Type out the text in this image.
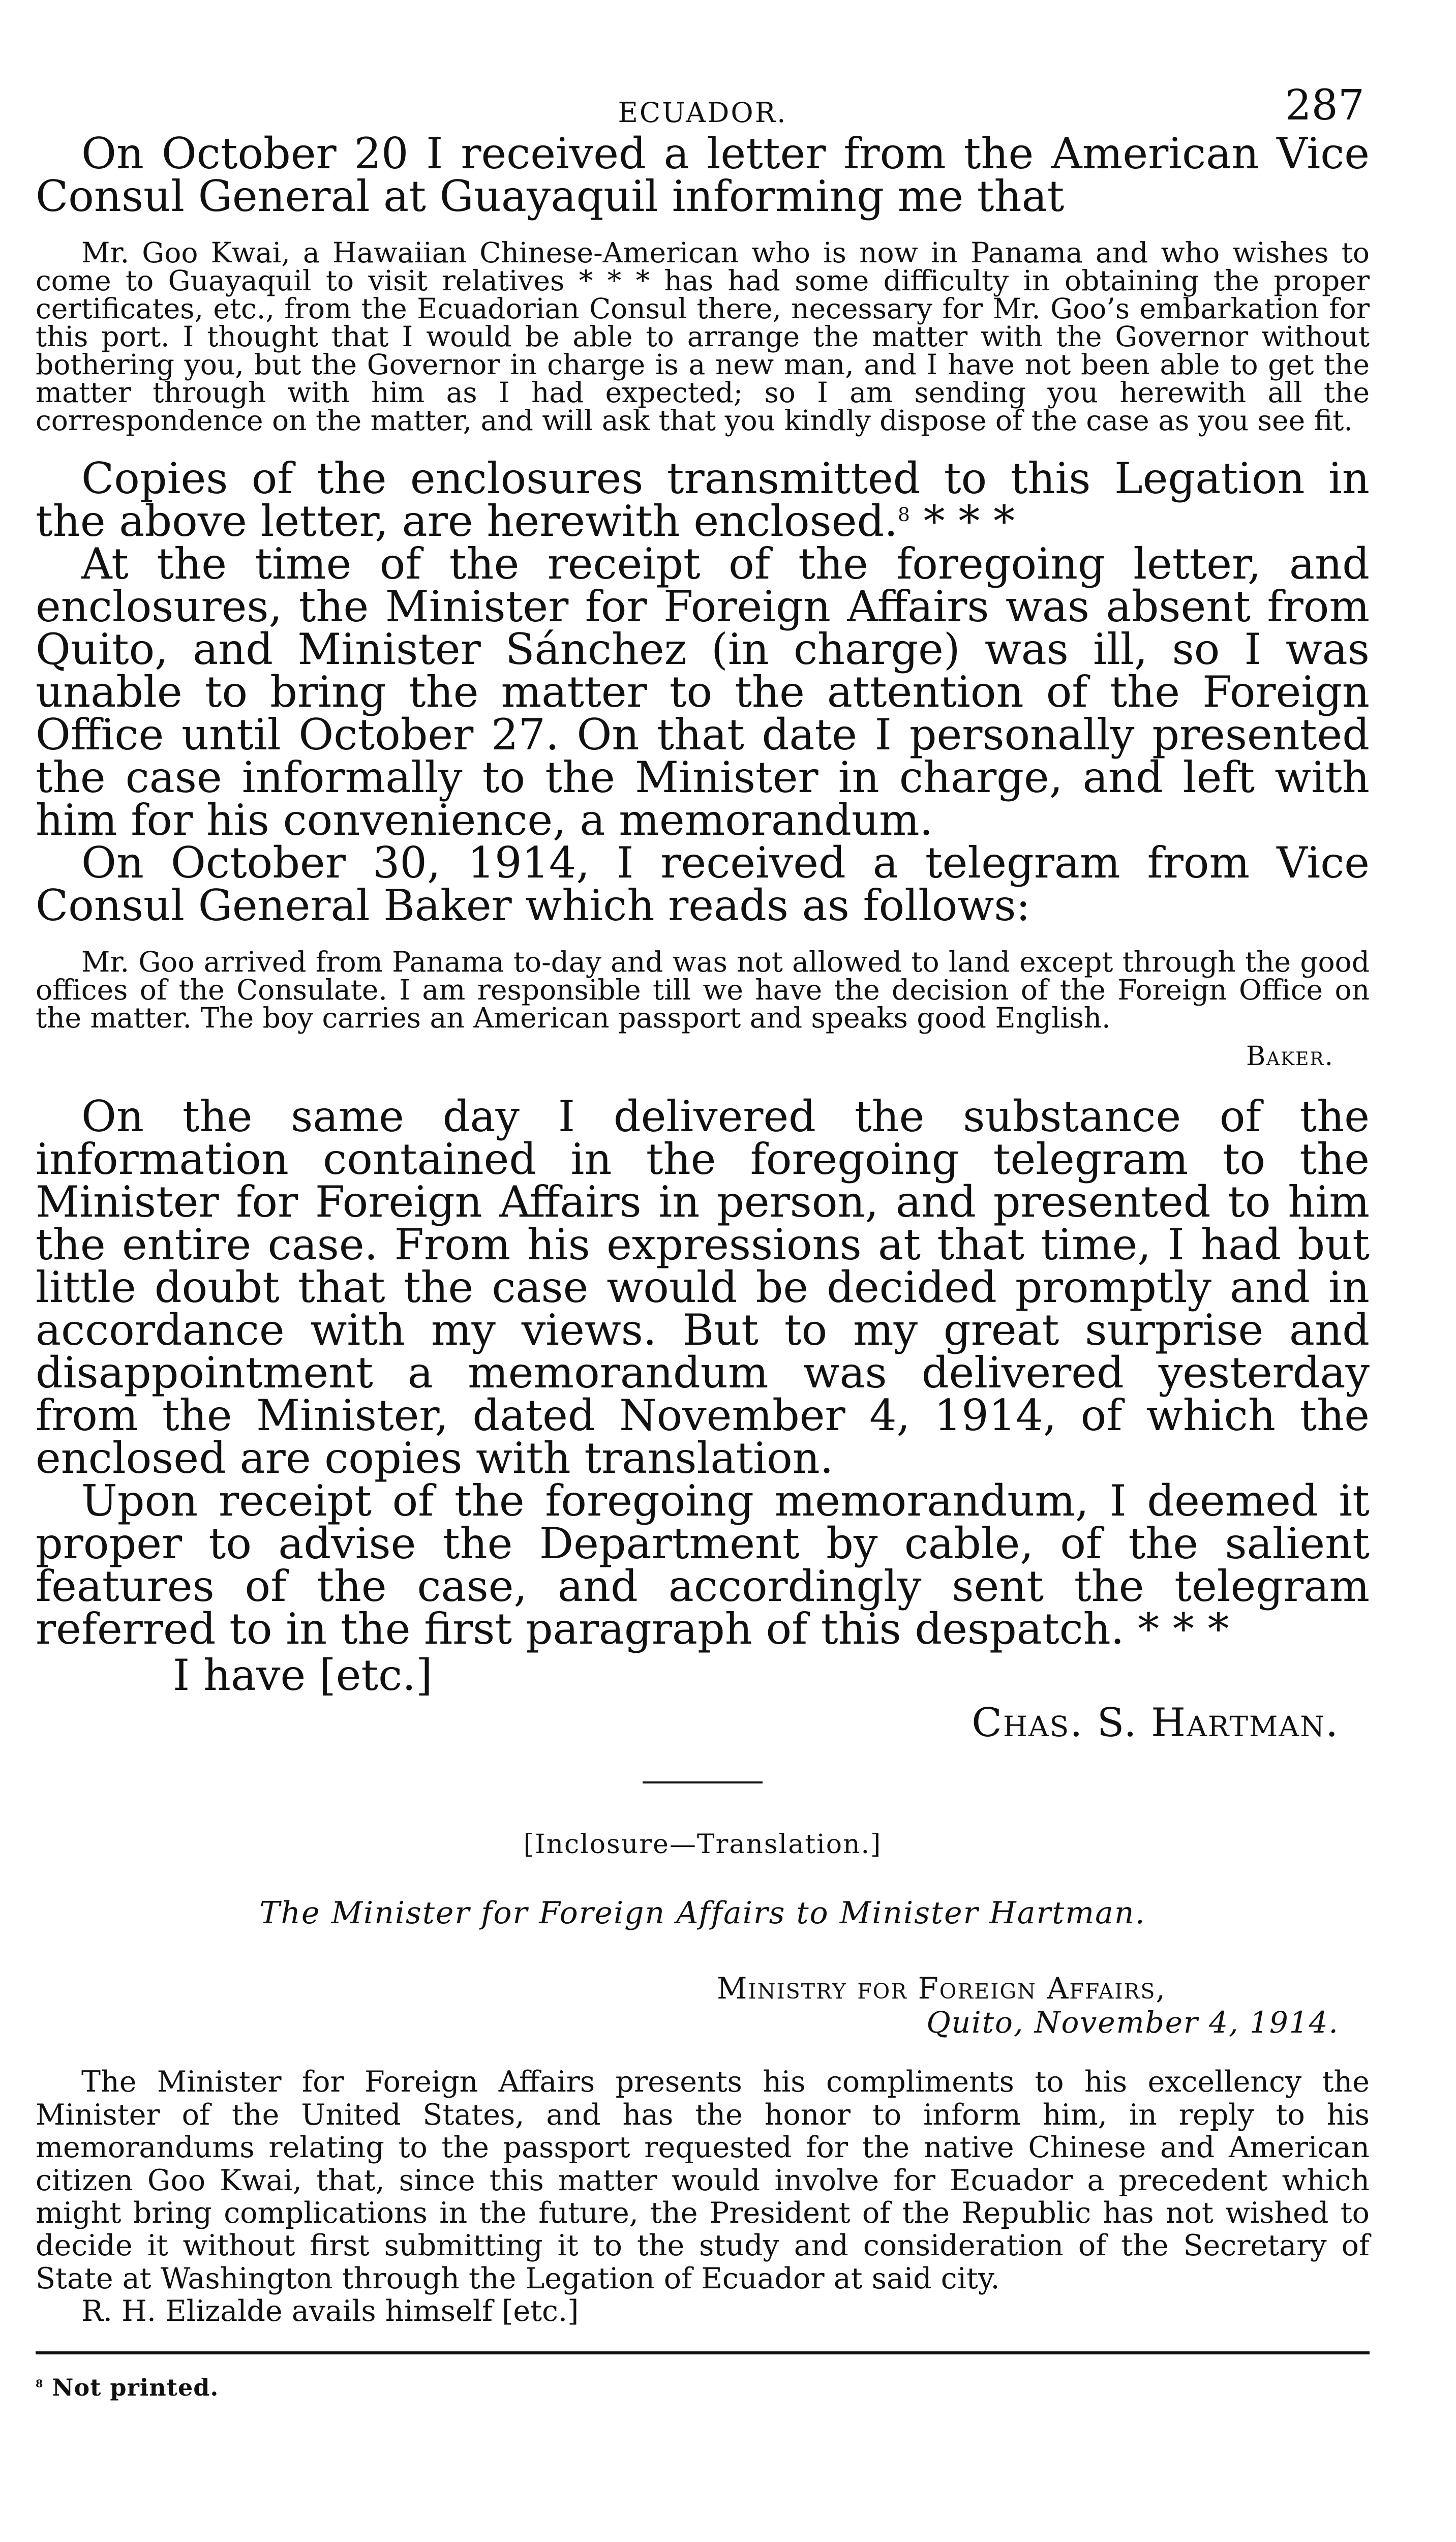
ECUADOR.	287

On October 20 I received a letter from the American Vice Consul General at Guayaquil informing me that

Mr. Goo Kwai, a Hawaiian Chinese-American who is now in Panama and who wishes to come to Guayaquil to visit relatives * * * has had some difficulty in obtaining the proper certificates, etc., from the Ecuadorian Consul there, necessary for Mr. Goo’s embarkation for this port. I thought that I would be able to arrange the matter with the Governor without bothering you, but the Governor in charge is a new man, and I have not been able to get the matter through with him as I had expected; so I am sending you herewith all the correspondence on the matter, and will ask that you kindly dispose of the case as you see fit.

Copies of the enclosures transmitted to this Legation in the above letter, are herewith enclosed.$^8$ * * *

At the time of the receipt of the foregoing letter, and enclosures, the Minister for Foreign Affairs was absent from Quito, and Minister Sánchez (in charge) was ill, so I was unable to bring the matter to the attention of the Foreign Office until October 27. On that date I personally presented the case informally to the Minister in charge, and left with him for his convenience, a memorandum.

On October 30, 1914, I received a telegram from Vice Consul General Baker which reads as follows:

Mr. Goo arrived from Panama to-day and was not allowed to land except through the good offices of the Consulate. I am responsible till we have the decision of the Foreign Office on the matter. The boy carries an American passport and speaks good English.

Baker.

On the same day I delivered the substance of the information contained in the foregoing telegram to the Minister for Foreign Affairs in person, and presented to him the entire case. From his expressions at that time, I had but little doubt that the case would be decided promptly and in accordance with my views. But to my great surprise and disappointment a memorandum was delivered yesterday from the Minister, dated November 4, 1914, of which the enclosed are copies with translation.

Upon receipt of the foregoing memorandum, I deemed it proper to advise the Department by cable, of the salient features of the case, and accordingly sent the telegram referred to in the first paragraph of this despatch. * * *

I have [etc.]

Chas. S. Hartman.

[Inclosure—Translation.]

The Minister for Foreign Affairs to Minister Hartman.

Ministry for Foreign Affairs,
Quito, November 4, 1914.

The Minister for Foreign Affairs presents his compliments to his excellency the Minister of the United States, and has the honor to inform him, in reply to his memorandums relating to the passport requested for the native Chinese and American citizen Goo Kwai, that, since this matter would involve for Ecuador a precedent which might bring complications in the future, the President of the Republic has not wished to decide it without first submitting it to the study and consideration of the Secretary of State at Washington through the Legation of Ecuador at said city.

R. H. Elizalde avails himself [etc.]

$^8$ Not printed.
